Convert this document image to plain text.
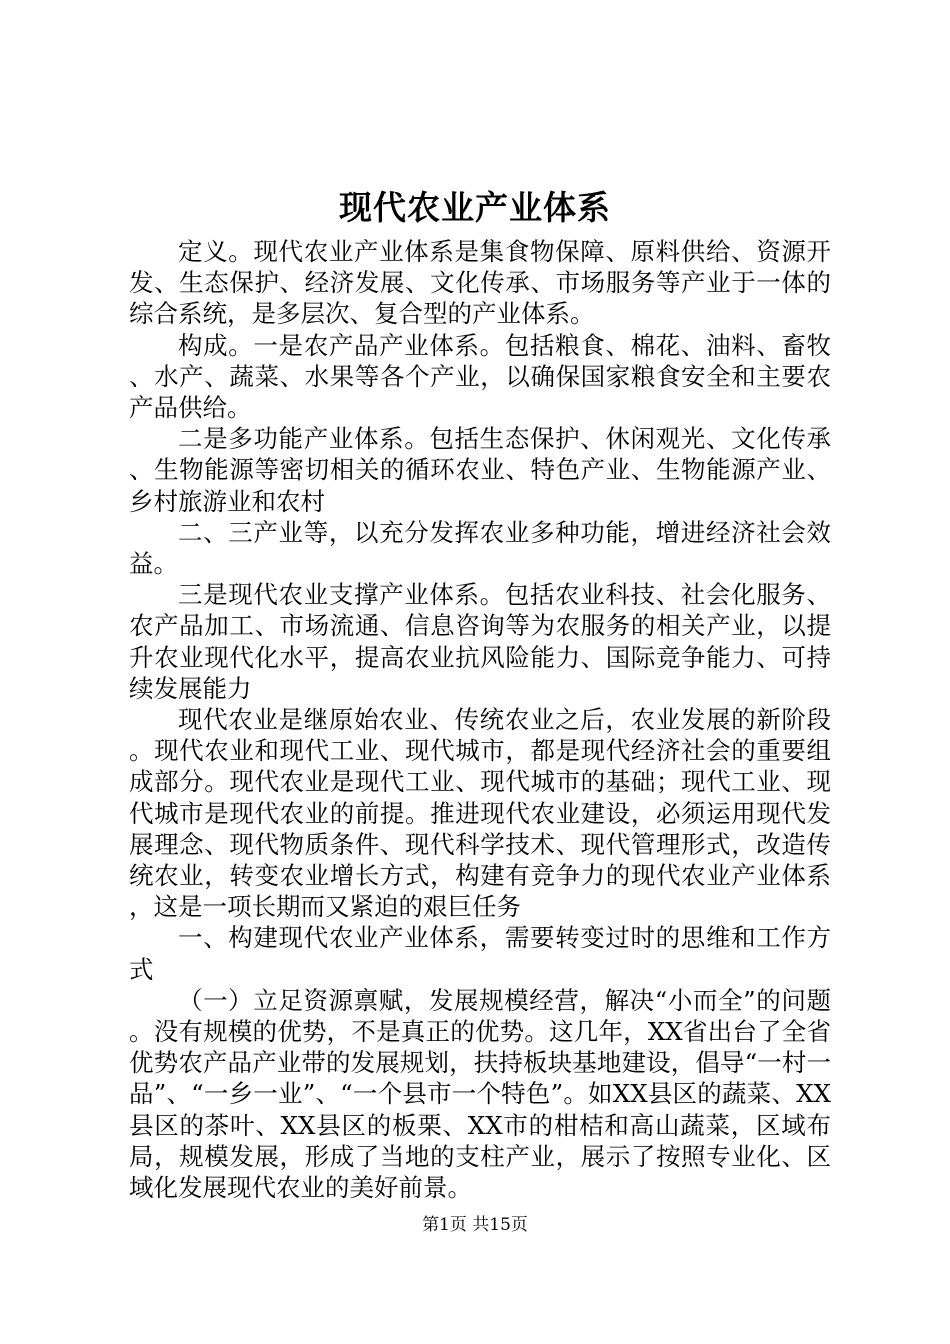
现代农业产业体系

定义。现代农业产业体系是集食物保障、原料供给、资源开发、生态保护、经济发展、文化传承、市场服务等产业于一体的综合系统，是多层次、复合型的产业体系。

构成。一是农产品产业体系。包括粮食、棉花、油料、畜牧、水产、蔬菜、水果等各个产业，以确保国家粮食安全和主要农产品供给。

二是多功能产业体系。包括生态保护、休闲观光、文化传承、生物能源等密切相关的循环农业、特色产业、生物能源产业、乡村旅游业和农村

二、三产业等，以充分发挥农业多种功能，增进经济社会效益。

三是现代农业支撑产业体系。包括农业科技、社会化服务、农产品加工、市场流通、信息咨询等为农服务的相关产业，以提升农业现代化水平，提高农业抗风险能力、国际竞争能力、可持续发展能力

现代农业是继原始农业、传统农业之后，农业发展的新阶段。现代农业和现代工业、现代城市，都是现代经济社会的重要组成部分。现代农业是现代工业、现代城市的基础；现代工业、现代城市是现代农业的前提。推进现代农业建设，必须运用现代发展理念、现代物质条件、现代科学技术、现代管理形式，改造传统农业，转变农业增长方式，构建有竞争力的现代农业产业体系，这是一项长期而又紧迫的艰巨任务

一、构建现代农业产业体系，需要转变过时的思维和工作方式

（一）立足资源禀赋，发展规模经营，解决“小而全”的问题。没有规模的优势，不是真正的优势。这几年，XX省出台了全省优势农产品产业带的发展规划，扶持板块基地建设，倡导“一村一品”、“一乡一业”、“一个县市一个特色”。如XX县区的蔬菜、XX县区的茶叶、XX县区的板栗、XX市的柑桔和高山蔬菜，区域布局，规模发展，形成了当地的支柱产业，展示了按照专业化、区域化发展现代农业的美好前景。

第1页 共15页
